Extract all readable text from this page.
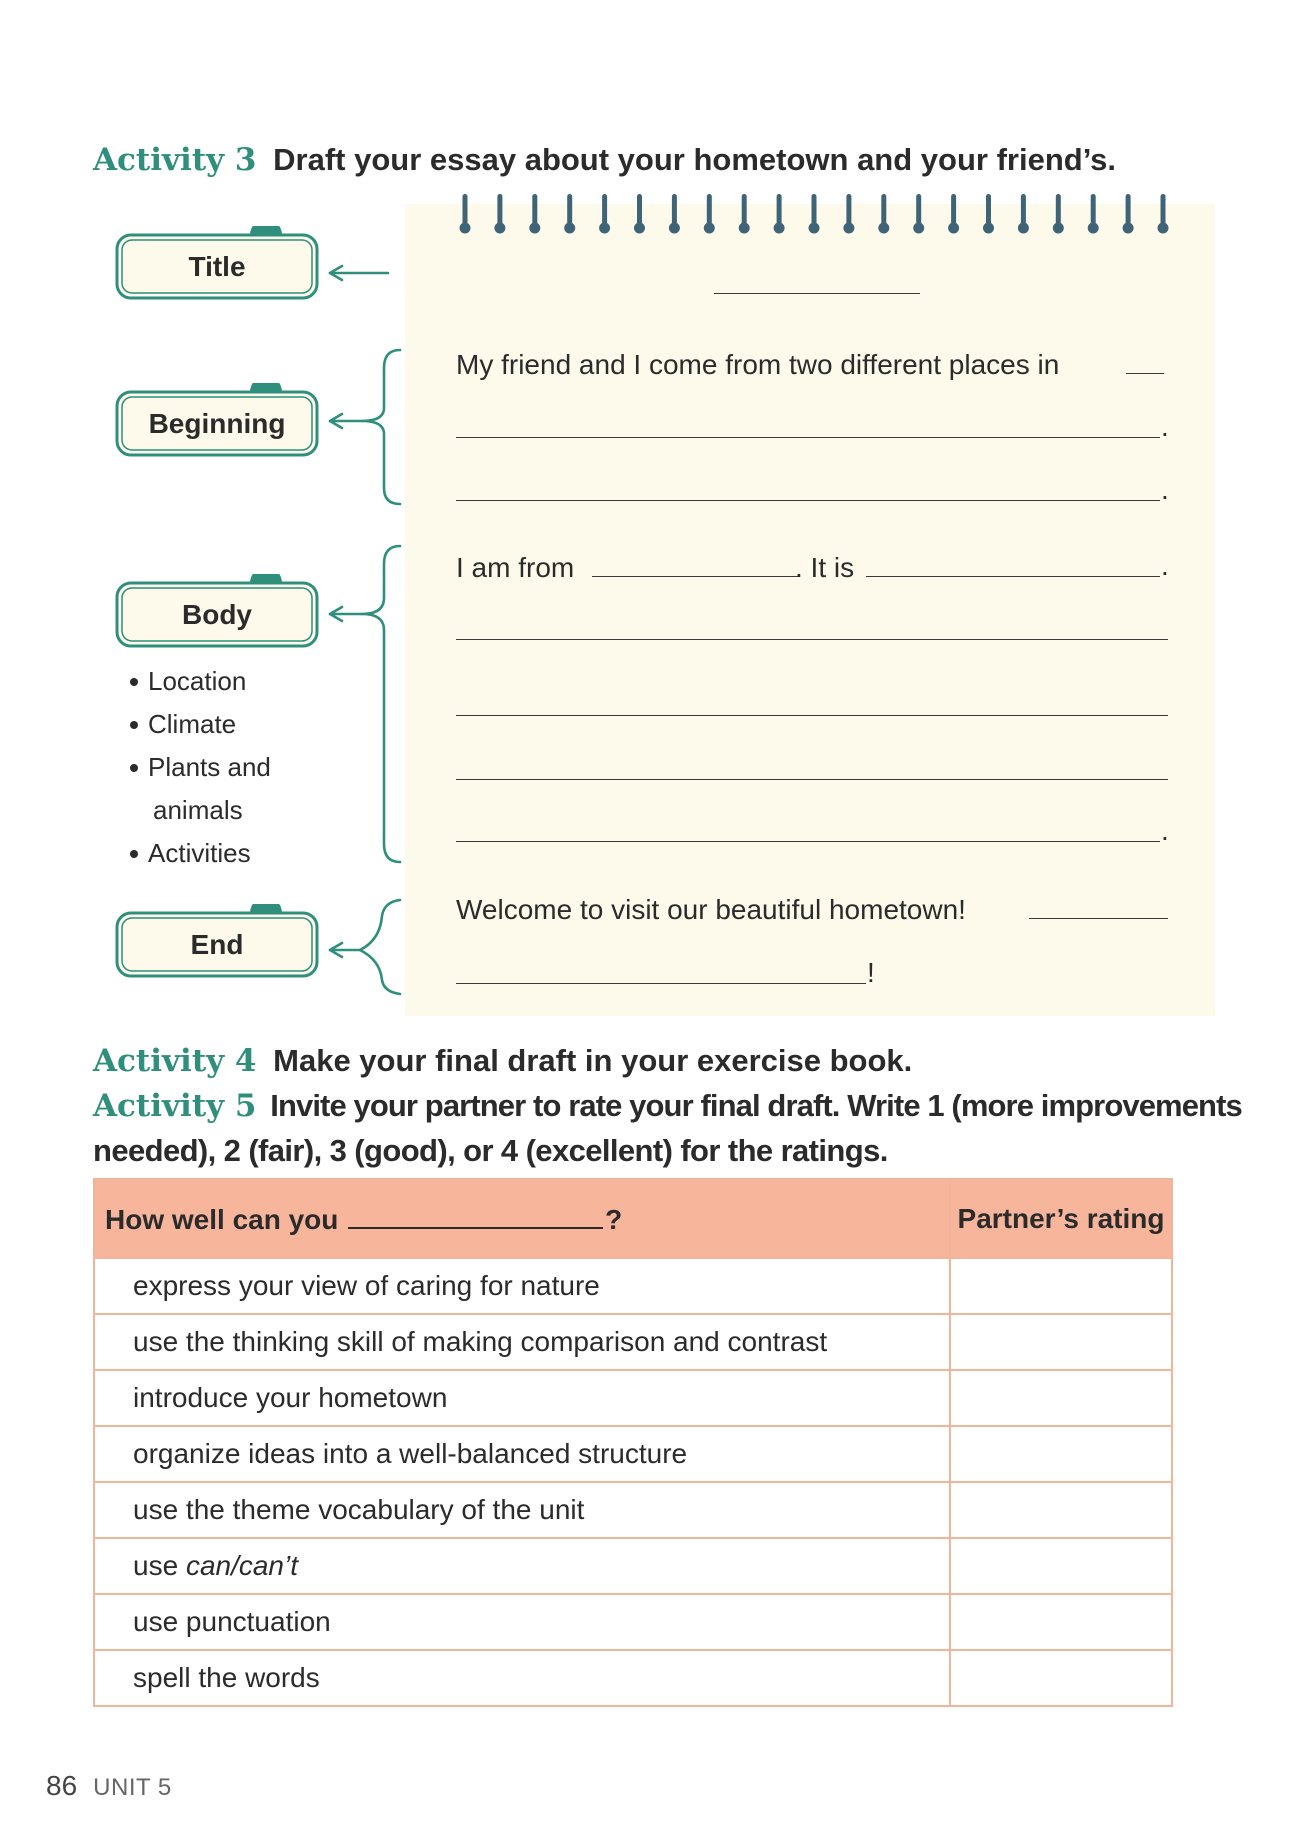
Activity 3 Draft your essay about your hometown and your friend’s.
Title
Beginning
Body
End
Location
Climate
Plants and
animals
Activities
My friend and I come from two different places in
.
.
I am from	. It is	.
.
Welcome to visit our beautiful hometown!
!
Activity 4 Make your final draft in your exercise book.
Activity 5 Invite your partner to rate your final draft. Write 1 (more improvements
needed), 2 (fair), 3 (good), or 4 (excellent) for the ratings.
How well can you ?	Partner’s rating
express your view of caring for nature	
use the thinking skill of making comparison and contrast	
introduce your hometown	
organize ideas into a well-balanced structure	
use the theme vocabulary of the unit	
use can/can’t	
use punctuation	
spell the words	
86 UNIT 5
